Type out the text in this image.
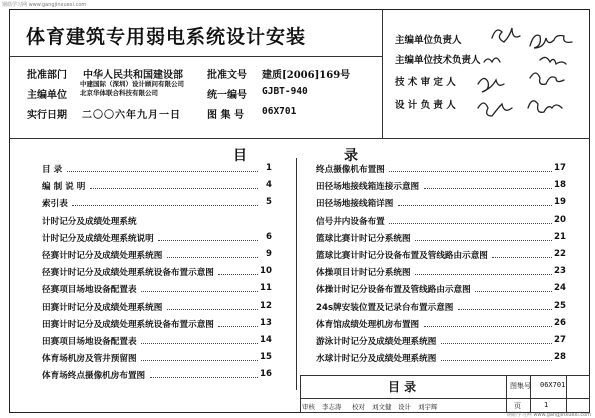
钢筋学习网 www.gangjinxuexi.com
钢筋学习网 www.gangjinxuexi.com
体育建筑专用弱电系统设计安装
批准部门 中华人民共和国建设部
主编单位
中建国际（深圳）设计顾问有限公司
北京华体联合科技有限公司
实行日期 二〇〇六年九月一日
批准文号 建质[2006]169号
统一编号 GJBT-940
图 集 号 06X701
主编单位负责人
主编单位技术负责人
技 术 审 定 人
设 计 负 责 人
目	录
目 录	1
编 制 说 明	4
索引表	5
计时记分及成绩处理系统
计时记分及成绩处理系统说明	6
径赛计时记分及成绩处理系统图	9
径赛计时记分及成绩处理系统设备布置示意图	10
径赛项目场地设备配置表	11
田赛计时记分及成绩处理系统图	12
田赛计时记分及成绩处理系统设备布置示意图	13
田赛项目场地设备配置表	14
体育场机房及管井预留图	15
体育场终点摄像机房布置图	16
终点摄像机布置图	17
田径场地接线箱连接示意图	18
田径场地接线箱详图	19
信号井内设备布置	20
篮球比赛计时记分系统图	21
篮球比赛计时记分设备布置及管线路由示意图	22
体操项目计时记分系统图	23
体操计时记分设备布置及管线路由示意图	24
24s牌安装位置及记录台布置示意图	25
体育馆成绩处理机房布置图	26
游泳计时记分及成绩处理系统图	27
水球计时记分及成绩处理系统图	28
目 录	图集号 06X701
页	1
审核 李志涛 校对 刘文健 设计 刘宇辉
